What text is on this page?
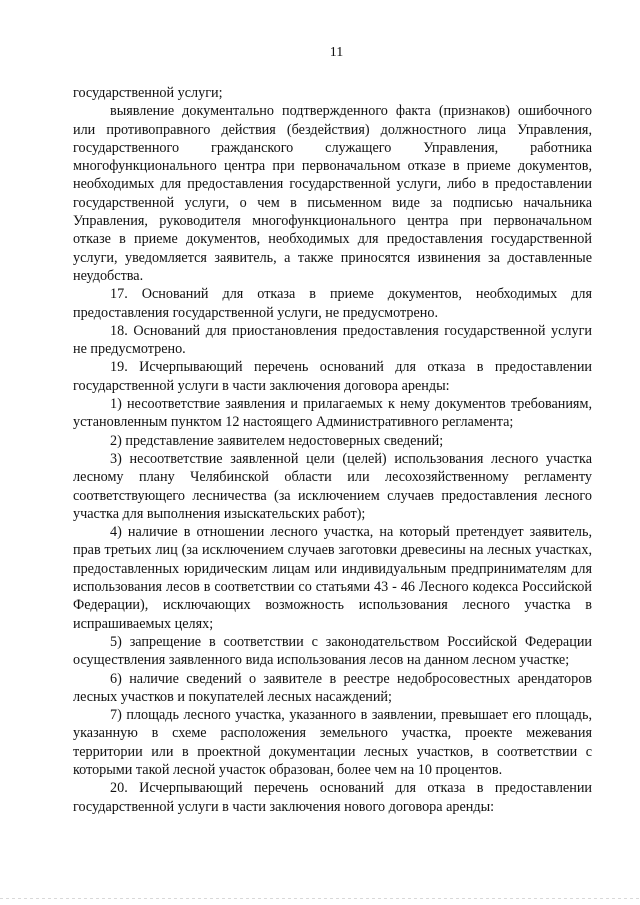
11

государственной услуги;

выявление документально подтвержденного факта (признаков) ошибочного или противоправного действия (бездействия) должностного лица Управления, государственного гражданского служащего Управления, работника многофункционального центра при первоначальном отказе в приеме документов, необходимых для предоставления государственной услуги, либо в предоставлении государственной услуги, о чем в письменном виде за подписью начальника Управления, руководителя многофункционального центра при первоначальном отказе в приеме документов, необходимых для предоставления государственной услуги, уведомляется заявитель, а также приносятся извинения за доставленные неудобства.

17. Оснований для отказа в приеме документов, необходимых для предоставления государственной услуги, не предусмотрено.

18. Оснований для приостановления предоставления государственной услуги не предусмотрено.

19. Исчерпывающий перечень оснований для отказа в предоставлении государственной услуги в части заключения договора аренды:

1) несоответствие заявления и прилагаемых к нему документов требованиям, установленным пунктом 12 настоящего Административного регламента;

2) представление заявителем недостоверных сведений;

3) несоответствие заявленной цели (целей) использования лесного участка лесному плану Челябинской области или лесохозяйственному регламенту соответствующего лесничества (за исключением случаев предоставления лесного участка для выполнения изыскательских работ);

4) наличие в отношении лесного участка, на который претендует заявитель, прав третьих лиц (за исключением случаев заготовки древесины на лесных участках, предоставленных юридическим лицам или индивидуальным предпринимателям для использования лесов в соответствии со статьями 43 - 46 Лесного кодекса Российской Федерации), исключающих возможность использования лесного участка в испрашиваемых целях;

5) запрещение в соответствии с законодательством Российской Федерации осуществления заявленного вида использования лесов на данном лесном участке;

6) наличие сведений о заявителе в реестре недобросовестных арендаторов лесных участков и покупателей лесных насаждений;

7) площадь лесного участка, указанного в заявлении, превышает его площадь, указанную в схеме расположения земельного участка, проекте межевания территории или в проектной документации лесных участков, в соответствии с которыми такой лесной участок образован, более чем на 10 процентов.

20. Исчерпывающий перечень оснований для отказа в предоставлении государственной услуги в части заключения нового договора аренды:
